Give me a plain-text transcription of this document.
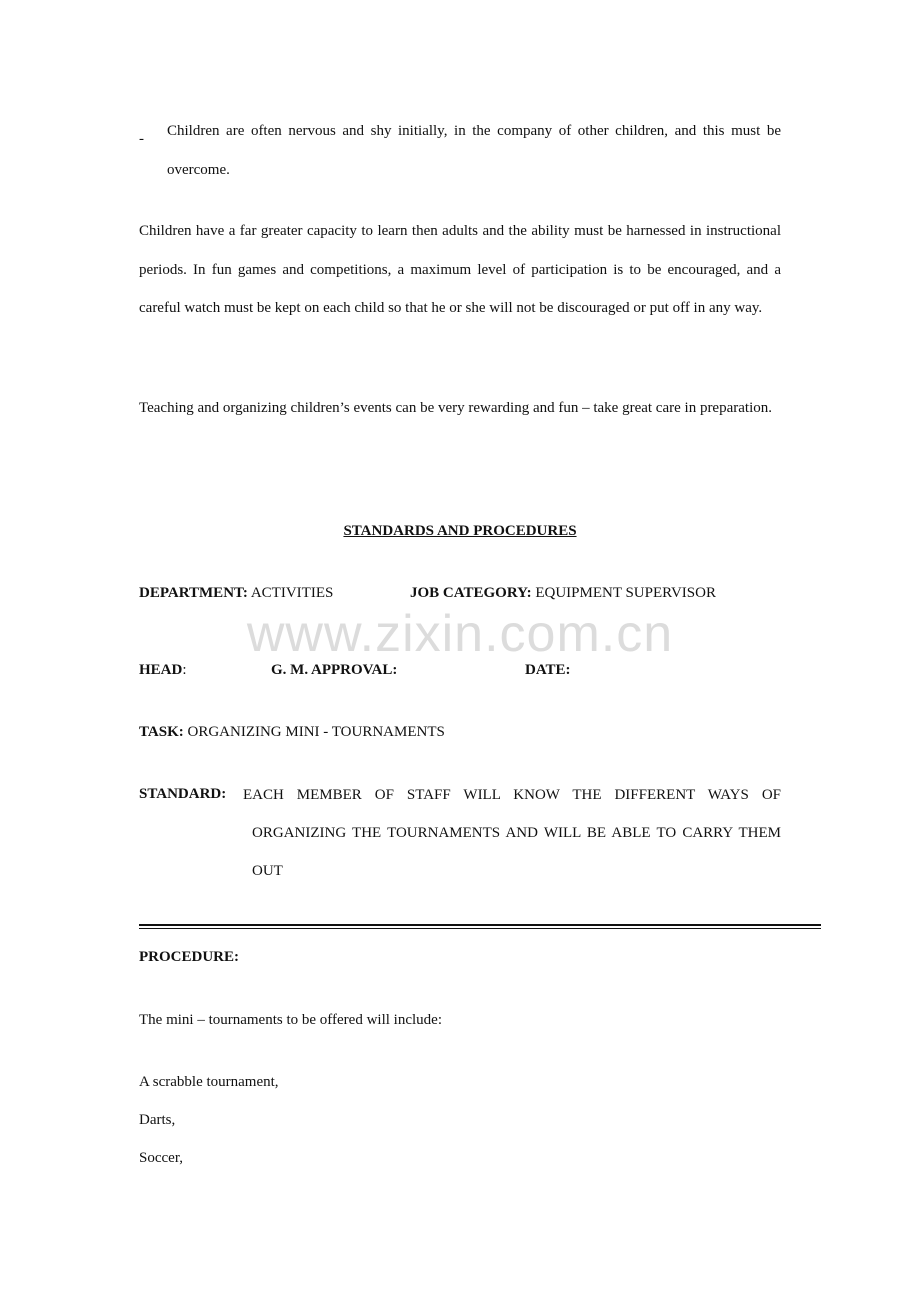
- Children are often nervous and shy initially, in the company of other children, and this must be overcome.
Children have a far greater capacity to learn then adults and the ability must be harnessed in instructional periods. In fun games and competitions, a maximum level of participation is to be encouraged, and a careful watch must be kept on each child so that he or she will not be discouraged or put off in any way.
Teaching and organizing children’s events can be very rewarding and fun – take great care in preparation.
STANDARDS AND PROCEDURES
DEPARTMENT: ACTIVITIES	JOB CATEGORY: EQUIPMENT SUPERVISOR
www.zixin.com.cn
HEAD:	G. M. APPROVAL:	DATE:
TASK: ORGANIZING MINI - TOURNAMENTS
STANDARD: EACH MEMBER OF STAFF WILL KNOW THE DIFFERENT WAYS OF ORGANIZING THE TOURNAMENTS AND WILL BE ABLE TO CARRY THEM OUT
PROCEDURE:
The mini – tournaments to be offered will include:
A scrabble tournament,
Darts,
Soccer,
